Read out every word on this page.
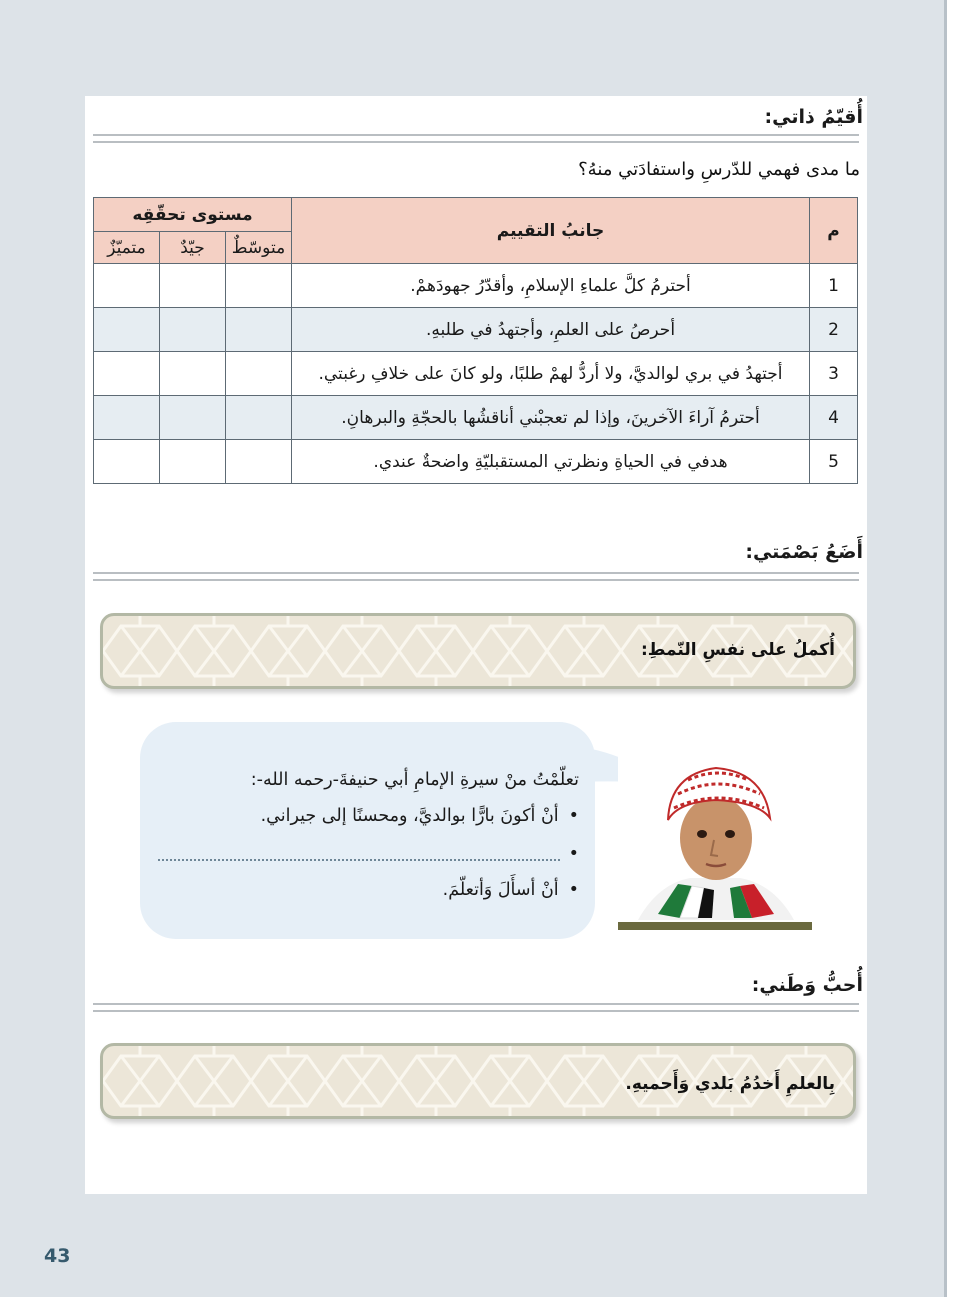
أُقيّمُ ذاتي:
ما مدى فهمي للدّرسِ واستفادَتي منهُ؟
م	جانبُ التقييم	مستوى تحقّقِه		
		متوسّطٌ	جيّدٌ	متميّزٌ
1	أحترمُ كلَّ علماءِ الإسلامِ، وأقدّرُ جهودَهمْ.			
2	أحرصُ على العلمِ، وأجتهدُ في طلبهِ.			
3	أجتهدُ في بري لوالديَّ، ولا أردُّ لهمْ طلبًا، ولو كانَ على خلافِ رغبتي.			
4	أحترمُ آراءَ الآخرينَ، وإذا لم تعجبْني أناقشُها بالحجّةِ والبرهانِ.			
5	هدفي في الحياةِ ونظرتي المستقبليّةِ واضحةٌ عندي.			
أَضَعُ بَصْمَتي:
أُكملُ على نفسِ النّمطِ:
تعلّمْتُ منْ سيرةِ الإمامِ أبي حنيفةَ-رحمه الله-:
•أنْ أكونَ بارًّا بوالديَّ، ومحسنًا إلى جيراني.
•
•أنْ أسأَلَ وَأتعلّمَ.
أُحبُّ وَطَني:
بِالعلمِ أَخدُمُ بَلدي وَأَحميهِ.
43
